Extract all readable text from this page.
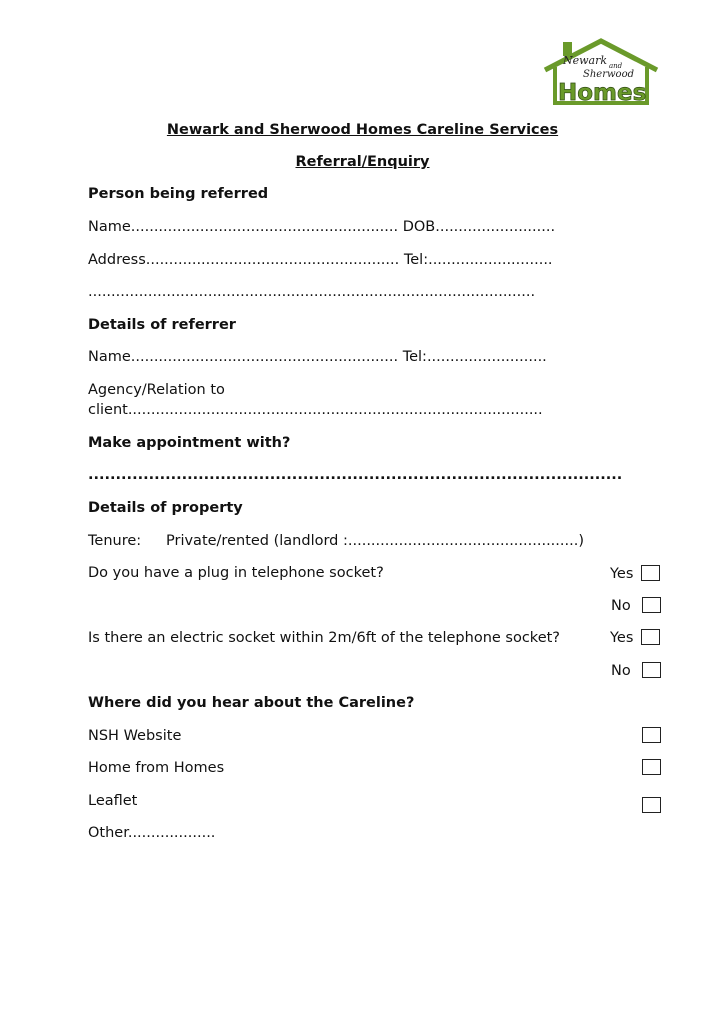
Newark and
Sherwood
Homes
Newark and Sherwood Homes Careline Services
Referral/Enquiry
Person being referred
Name.......................................................... DOB..........................
Address....................................................... Tel:...........................
.................................................................................................
Details of referrer
Name.......................................................... Tel:..........................
Agency/Relation to
client..........................................................................................
Make appointment with?
.................................................................................................
Details of property
Tenure: Private/rented (landlord :..................................................)
Do you have a plug in telephone socket?	Yes
No
Is there an electric socket within 2m/6ft of the telephone socket?	Yes
No
Where did you hear about the Careline?
NSH Website
Home from Homes
Leaflet
Other...................
